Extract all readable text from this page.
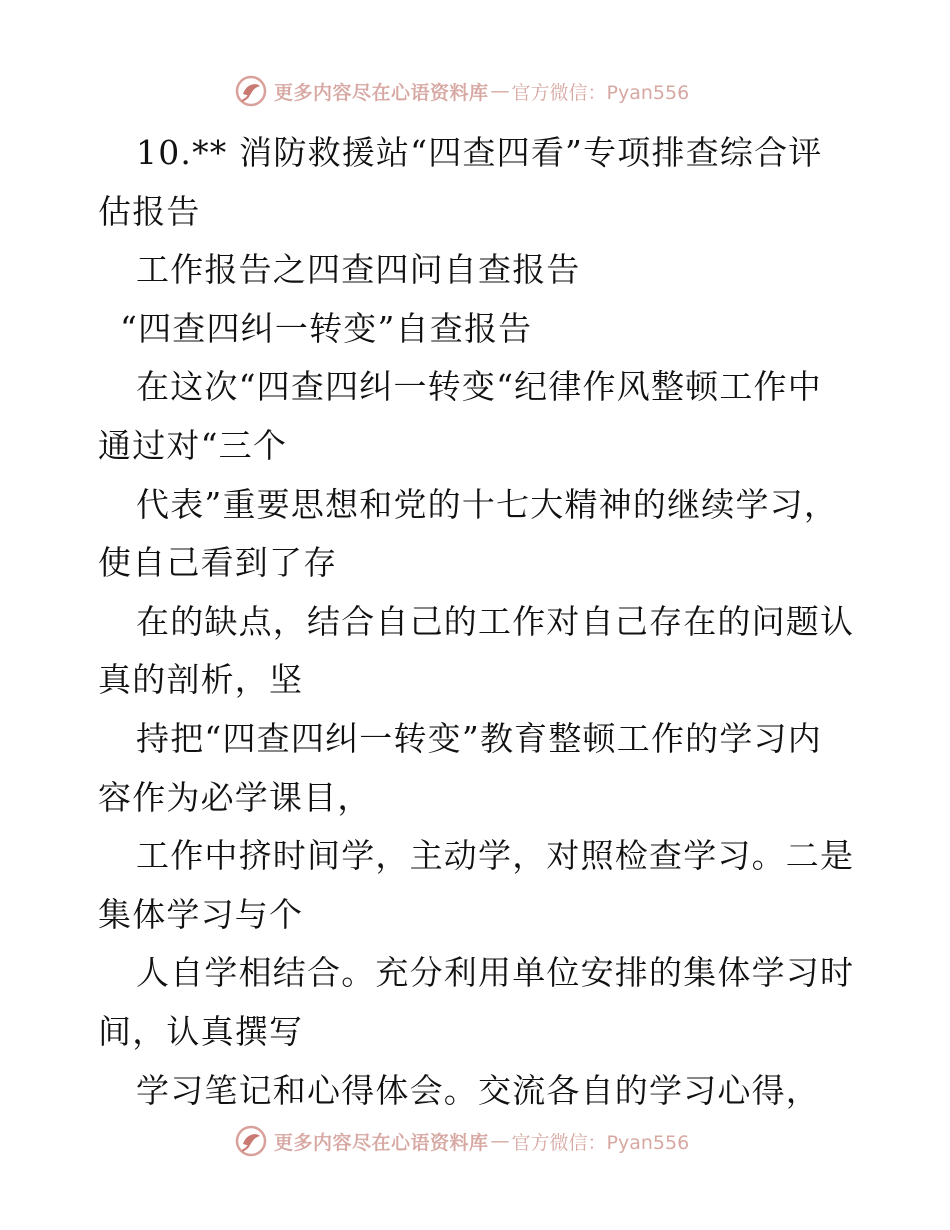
更多内容尽在心语资料库 — 官方微信：Pyan556
10.** 消防救援站“四查四看”专项排查综合评
估报告
工作报告之四查四问自查报告
“四查四纠一转变”自查报告
在这次“四查四纠一转变“纪律作风整顿工作中
通过对“三个
代表”重要思想和党的十七大精神的继续学习，
使自己看到了存
在的缺点，结合自己的工作对自己存在的问题认
真的剖析，坚
持把“四查四纠一转变”教育整顿工作的学习内
容作为必学课目，
工作中挤时间学，主动学，对照检查学习。二是
集体学习与个
人自学相结合。充分利用单位安排的集体学习时
间，认真撰写
学习笔记和心得体会。交流各自的学习心得，
更多内容尽在心语资料库 — 官方微信：Pyan556
